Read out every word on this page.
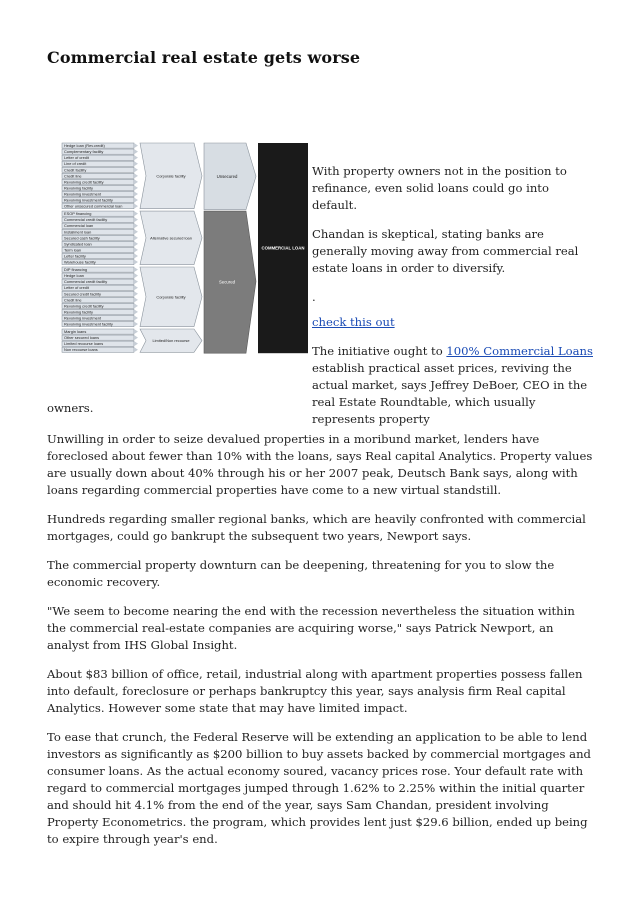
Commercial real estate gets worse
Hedge loan (Rev.credit)
Complementary facility
Letter of credit
Line of credit
Credit facility
Credit line
Revolving credit facility
Revolving facility
Revolving investment
Revolving investment facility
Other unsecured commercial loan
ESOP financing
Commercial credit facility
Commercial loan
Installment loan
Secured cash facility
Syndicated loan
Term loan
Letter facility
Warehouse facility
DIP financing
Hedge loan
Commercial credit facility
Letter of credit
Secured credit facility
Credit line
Revolving credit facility
Revolving facility
Revolving investment
Revolving investment facility
Margin loans
Other secured loans
Limited recourse loans
Non recourse loans
Corporate facility
Alternative secured loan
Corporate facility
Limited/Non recourse
Unsecured
Secured
COMMERCIAL LOAN

With property owners not in the position to refinance, even solid loans could go into default.

Chandan is skeptical, stating banks are generally moving away from commercial real estate loans in order to diversify.

.

check this out

The initiative ought to 100% Commercial Loans establish practical asset prices, reviving the actual market, says Jeffrey DeBoer, CEO in the real Estate Roundtable, which usually represents property

owners.

Unwilling in order to seize devalued properties in a moribund market, lenders have foreclosed about fewer than 10% with the loans, says Real capital Analytics. Property values are usually down about 40% through his or her 2007 peak, Deutsch Bank says, along with loans regarding commercial properties have come to a new virtual standstill.

Hundreds regarding smaller regional banks, which are heavily confronted with commercial mortgages, could go bankrupt the subsequent two years, Newport says.

The commercial property downturn can be deepening, threatening for you to slow the economic recovery.

"We seem to become nearing the end with the recession nevertheless the situation within the commercial real-estate companies are acquiring worse," says Patrick Newport, an analyst from IHS Global Insight.

About $83 billion of office, retail, industrial along with apartment properties possess fallen into default, foreclosure or perhaps bankruptcy this year, says analysis firm Real capital Analytics. However some state that may have limited impact.

To ease that crunch, the Federal Reserve will be extending an application to be able to lend investors as significantly as $200 billion to buy assets backed by commercial mortgages and consumer loans. As the actual economy soured, vacancy prices rose. Your default rate with regard to commercial mortgages jumped through 1.62% to 2.25% within the initial quarter and should hit 4.1% from the end of the year, says Sam Chandan, president involving Property Econometrics. the program, which provides lent just $29.6 billion, ended up being to expire through year's end.
